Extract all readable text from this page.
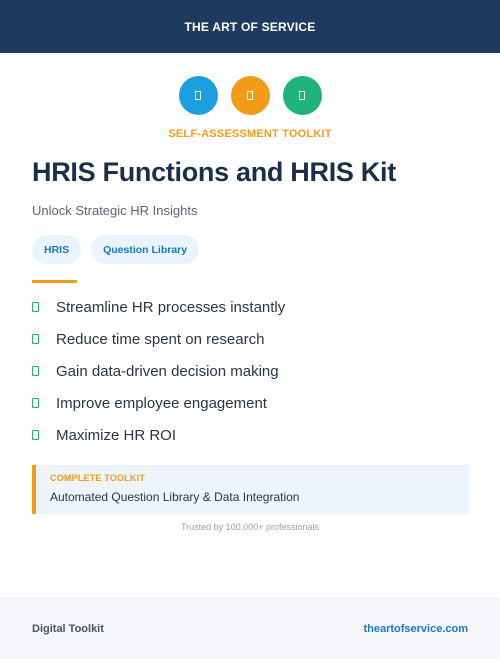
THE ART OF SERVICE
SELF-ASSESSMENT TOOLKIT
HRIS Functions and HRIS Kit
Unlock Strategic HR Insights
HRIS	Question Library
Streamline HR processes instantly
Reduce time spent on research
Gain data-driven decision making
Improve employee engagement
Maximize HR ROI
COMPLETE TOOLKIT
Automated Question Library & Data Integration
Trusted by 100,000+ professionals
Digital Toolkit	theartofservice.com
